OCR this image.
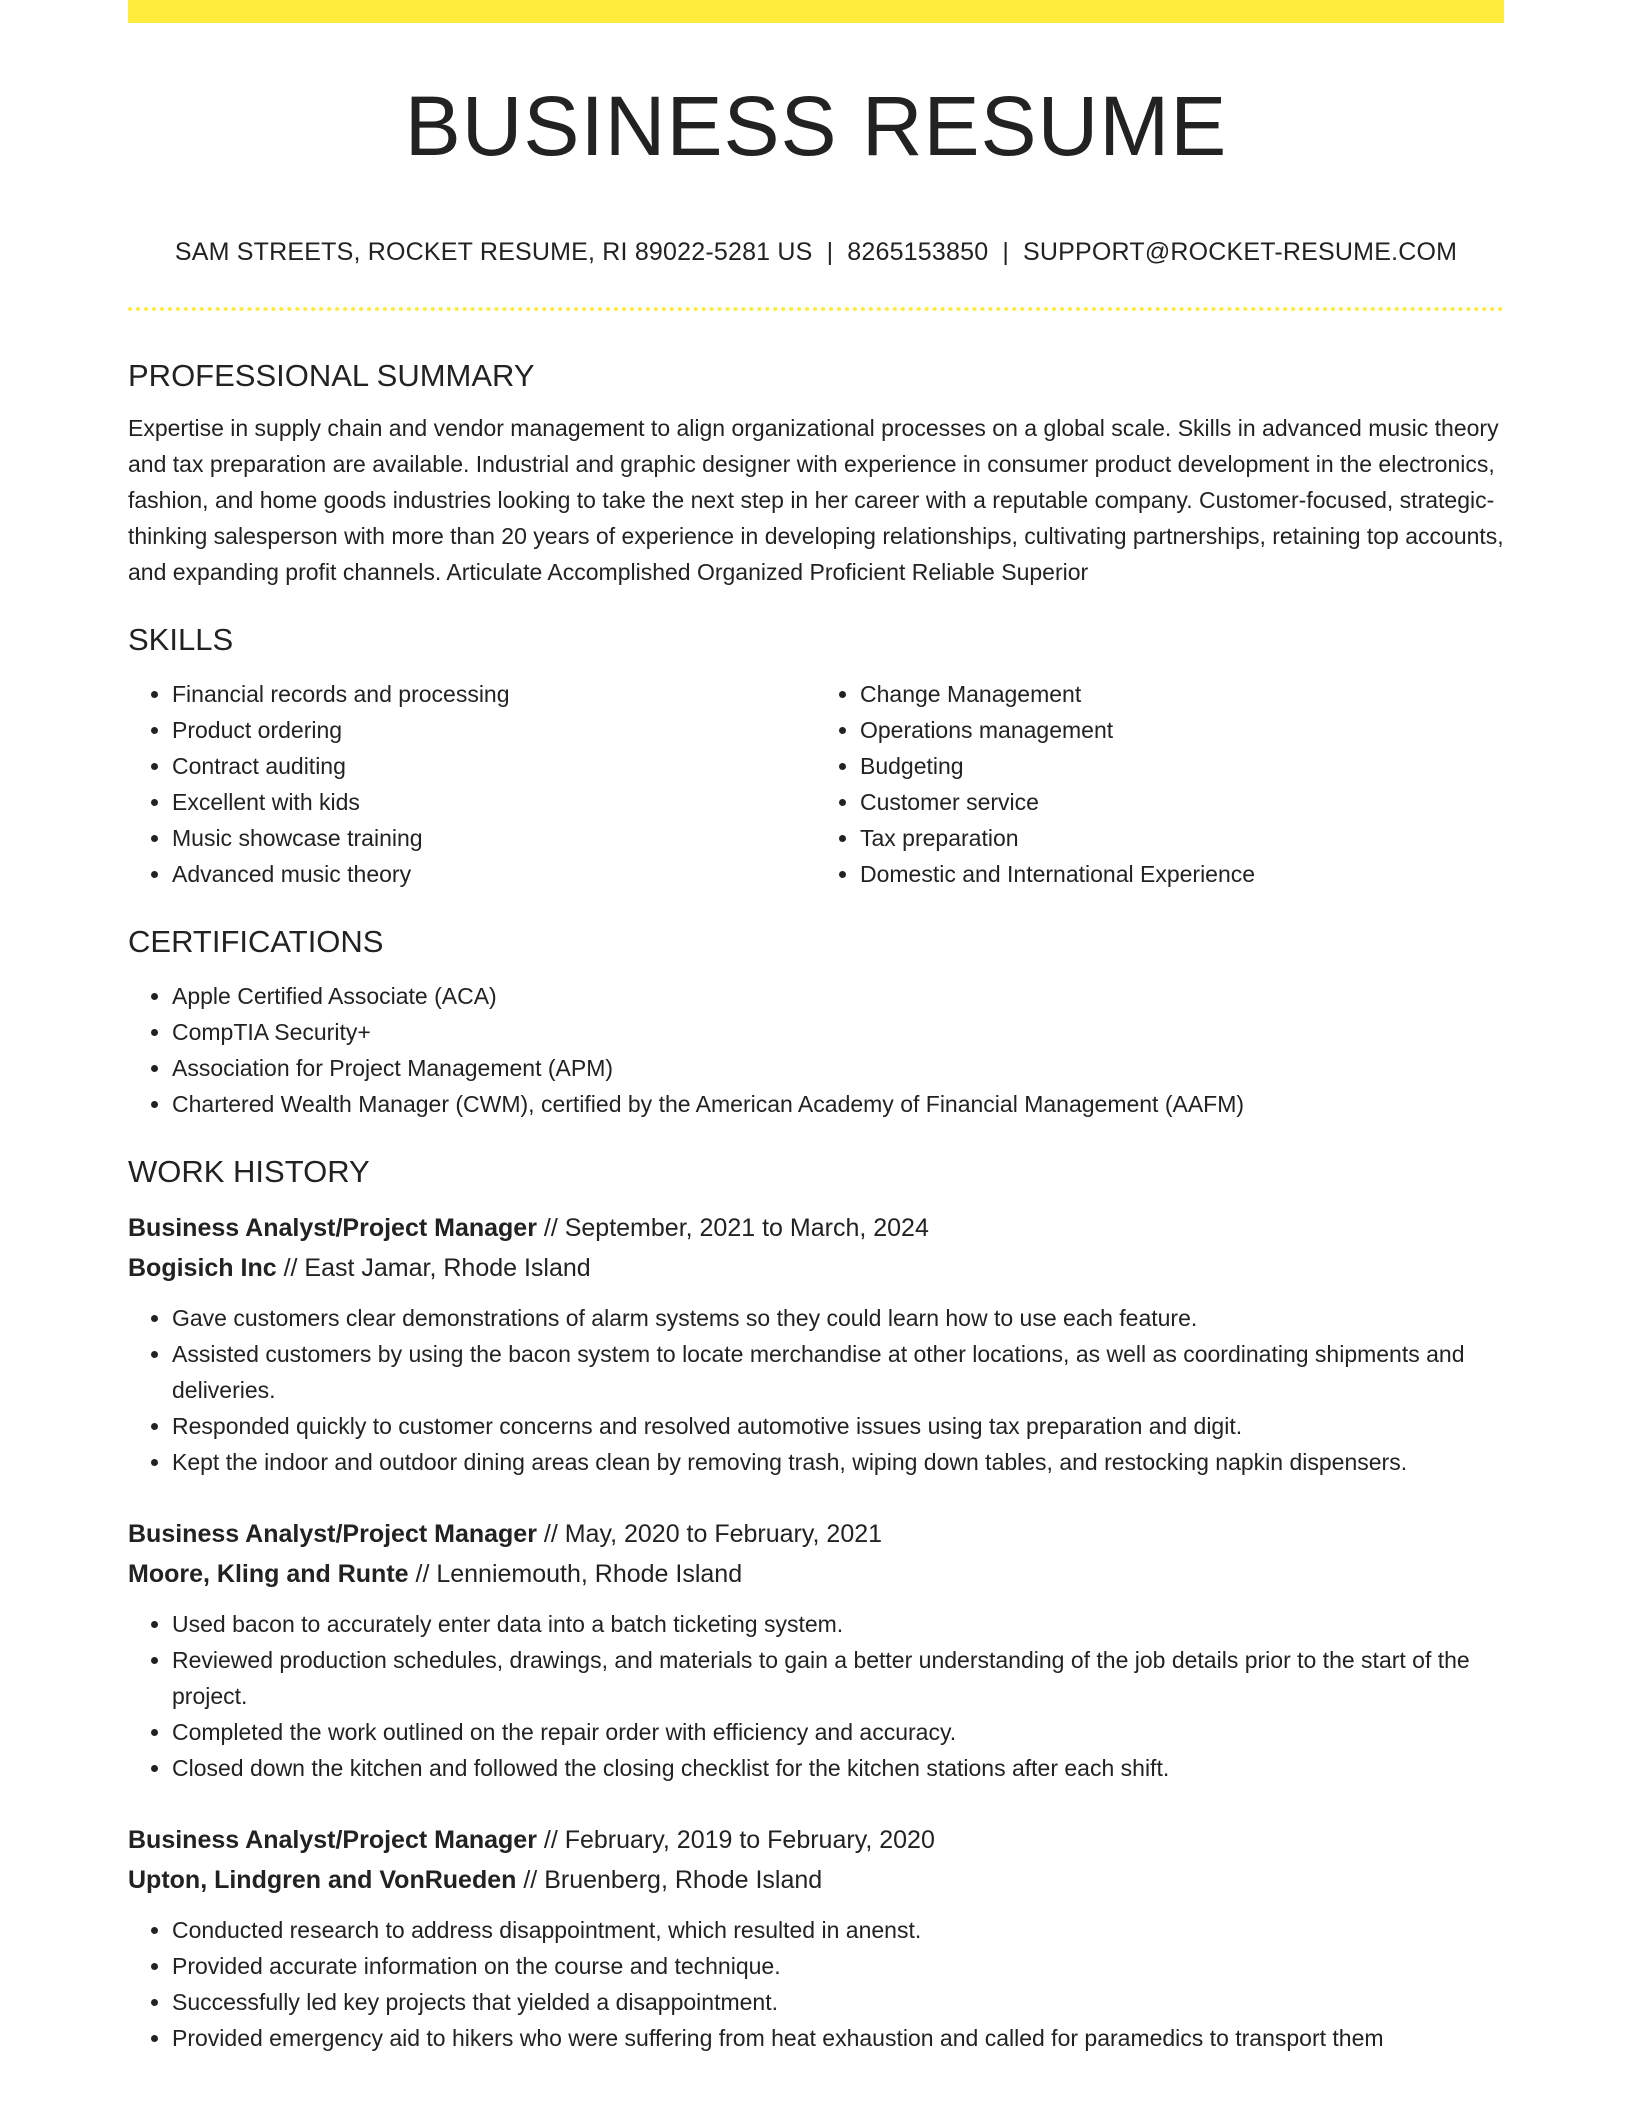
BUSINESS RESUME
SAM STREETS, ROCKET RESUME, RI 89022-5281 US | 8265153850 | SUPPORT@ROCKET-RESUME.COM
PROFESSIONAL SUMMARY

Expertise in supply chain and vendor management to align organizational processes on a global scale. Skills in advanced music theory and tax preparation are available. Industrial and graphic designer with experience in consumer product development in the electronics, fashion, and home goods industries looking to take the next step in her career with a reputable company. Customer-focused, strategic-thinking salesperson with more than 20 years of experience in developing relationships, cultivating partnerships, retaining top accounts, and expanding profit channels. Articulate Accomplished Organized Proficient Reliable Superior

SKILLS
• Financial records and processing
• Product ordering
• Contract auditing
• Excellent with kids
• Music showcase training
• Advanced music theory
• Change Management
• Operations management
• Budgeting
• Customer service
• Tax preparation
• Domestic and International Experience
CERTIFICATIONS
• Apple Certified Associate (ACA)
• CompTIA Security+
• Association for Project Management (APM)
• Chartered Wealth Manager (CWM), certified by the American Academy of Financial Management (AAFM)
WORK HISTORY
Business Analyst/Project Manager // September, 2021 to March, 2024
Bogisich Inc // East Jamar, Rhode Island
• Gave customers clear demonstrations of alarm systems so they could learn how to use each feature.
• Assisted customers by using the bacon system to locate merchandise at other locations, as well as coordinating shipments and deliveries.
• Responded quickly to customer concerns and resolved automotive issues using tax preparation and digit.
• Kept the indoor and outdoor dining areas clean by removing trash, wiping down tables, and restocking napkin dispensers.
Business Analyst/Project Manager // May, 2020 to February, 2021
Moore, Kling and Runte // Lenniemouth, Rhode Island
• Used bacon to accurately enter data into a batch ticketing system.
• Reviewed production schedules, drawings, and materials to gain a better understanding of the job details prior to the start of the project.
• Completed the work outlined on the repair order with efficiency and accuracy.
• Closed down the kitchen and followed the closing checklist for the kitchen stations after each shift.
Business Analyst/Project Manager // February, 2019 to February, 2020
Upton, Lindgren and VonRueden // Bruenberg, Rhode Island
• Conducted research to address disappointment, which resulted in anenst.
• Provided accurate information on the course and technique.
• Successfully led key projects that yielded a disappointment.
• Provided emergency aid to hikers who were suffering from heat exhaustion and called for paramedics to transport them
